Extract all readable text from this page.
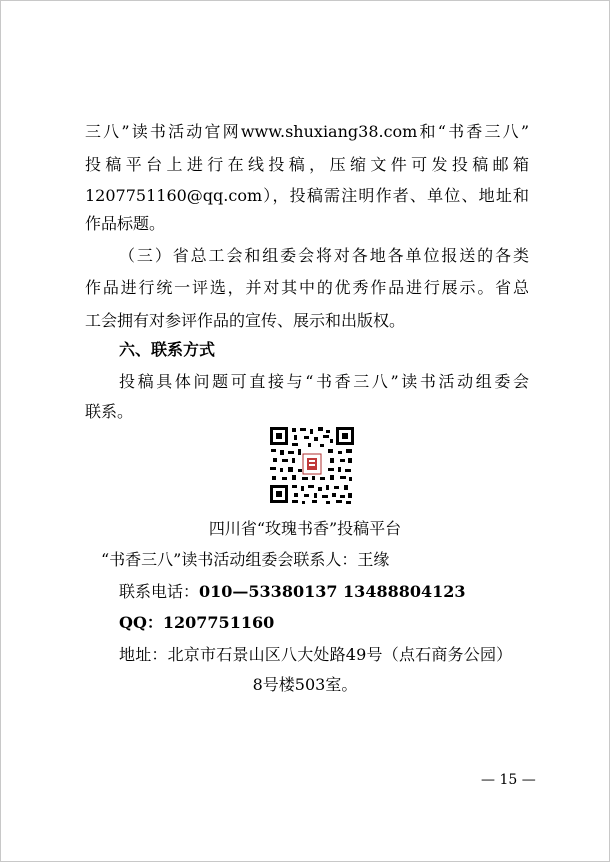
三八”读书活动官网www.shuxiang38.com和“书香三八”
投稿平台上进行在线投稿，压缩文件可发投稿邮箱
1207751160@qq.com），投稿需注明作者、单位、地址和
作品标题。
（三）省总工会和组委会将对各地各单位报送的各类
作品进行统一评选，并对其中的优秀作品进行展示。省总
工会拥有对参评作品的宣传、展示和出版权。
六、联系方式
投稿具体问题可直接与“书香三八”读书活动组委会
联系。
四川省“玫瑰书香”投稿平台
“书香三八”读书活动组委会联系人：王缘
联系电话：010—53380137 13488804123
QQ：1207751160
地址：北京市石景山区八大处路49号（点石商务公园）
8号楼503室。
— 15 —
